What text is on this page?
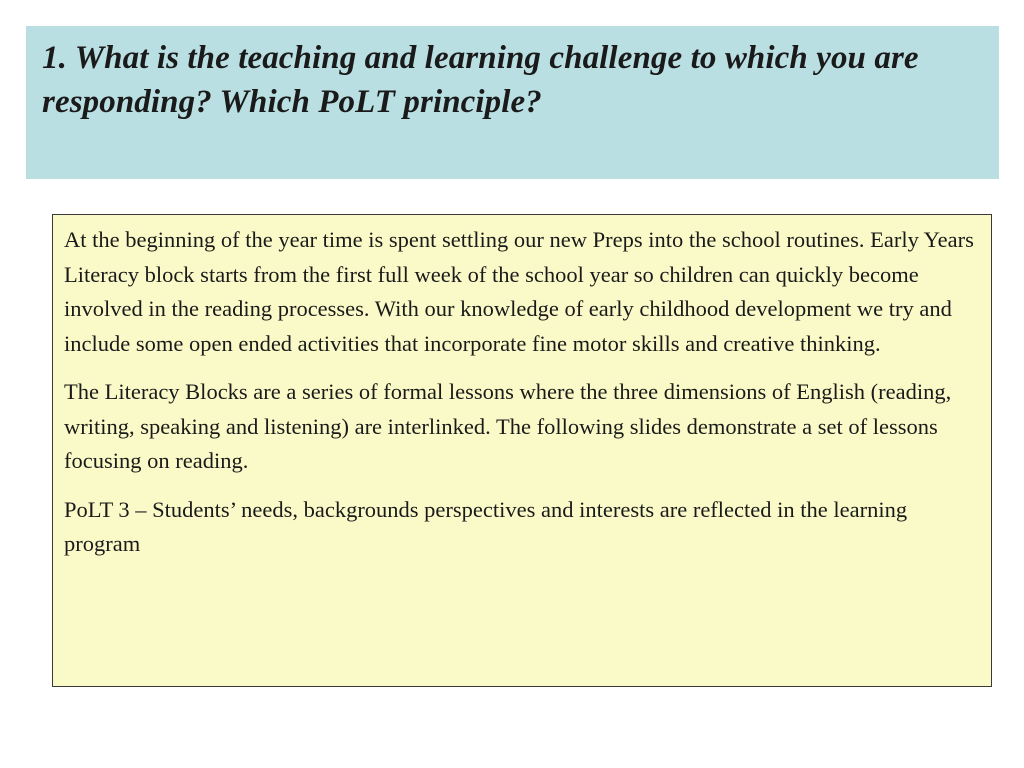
1. What is the teaching and learning challenge to which you are responding? Which PoLT principle?

At the beginning of the year time is spent settling our new Preps into the school routines. Early Years Literacy block starts from the first full week of the school year so children can quickly become involved in the reading processes. With our knowledge of early childhood development we try and include some open ended activities that incorporate fine motor skills and creative thinking.

The Literacy Blocks are a series of formal lessons where the three dimensions of English (reading, writing, speaking and listening) are interlinked. The following slides demonstrate a set of lessons focusing on reading.

PoLT 3 – Students’ needs, backgrounds perspectives and interests are reflected in the learning program
